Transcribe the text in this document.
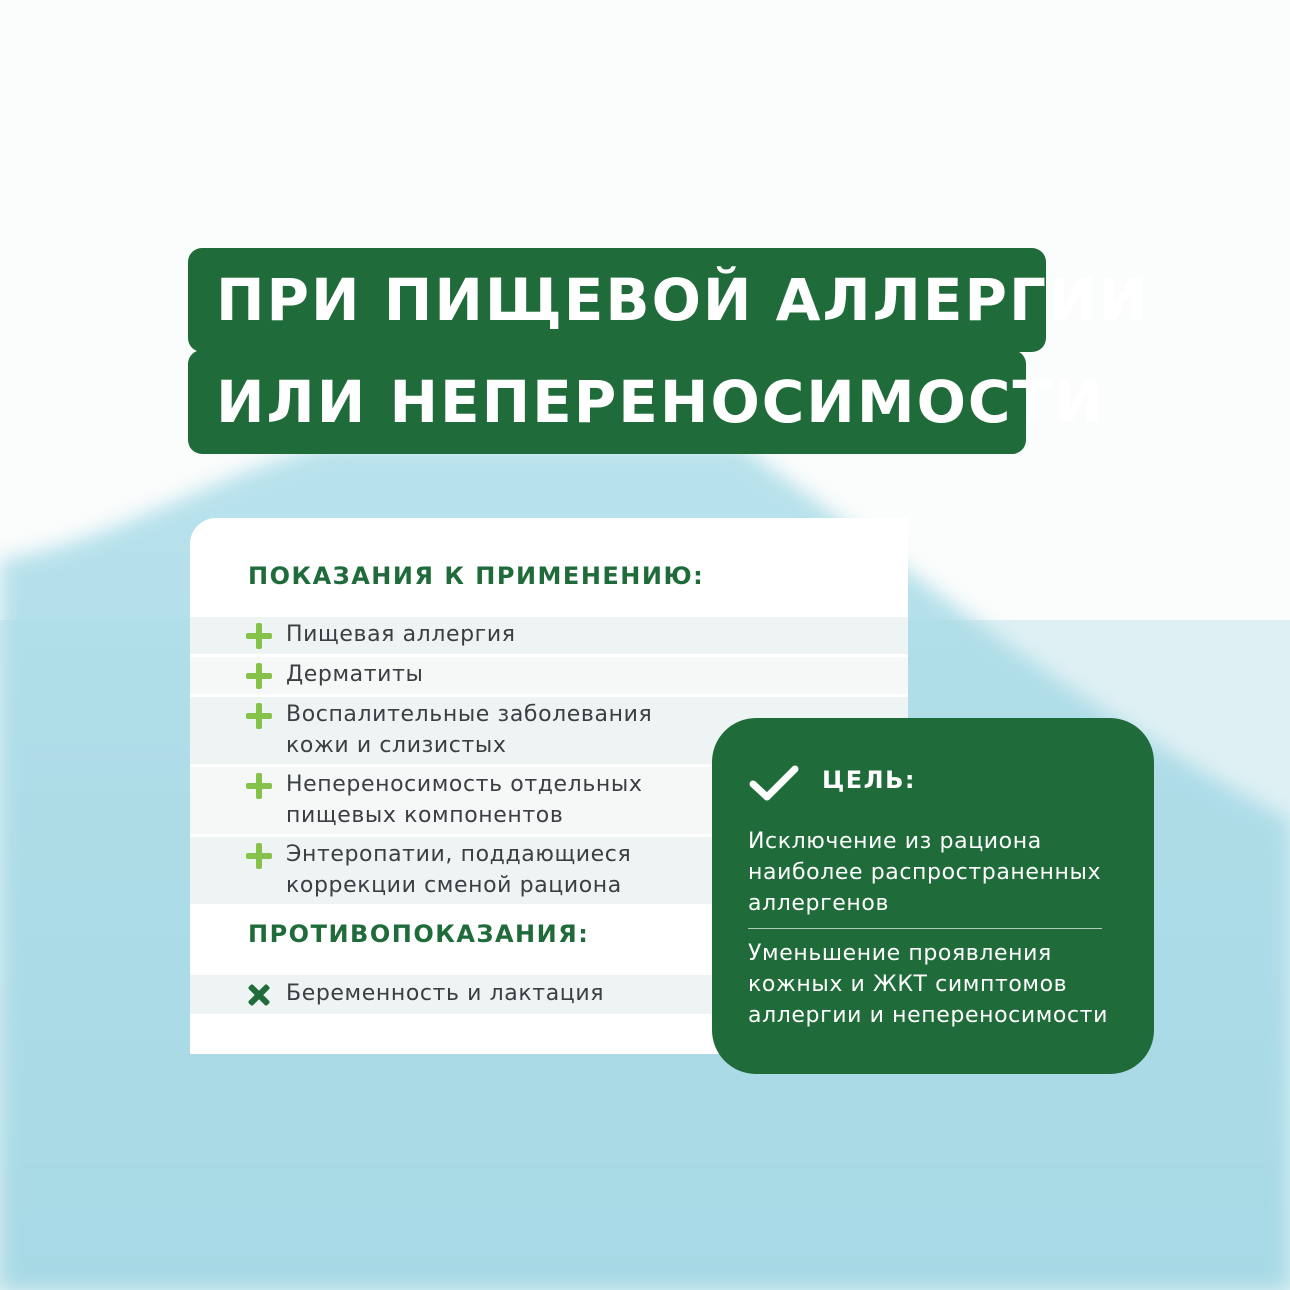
ПРИ ПИЩЕВОЙ АЛЛЕРГИИ
ИЛИ НЕПЕРЕНОСИМОСТИ
ПОКАЗАНИЯ К ПРИМЕНЕНИЮ:
Пищевая аллергия
Дерматиты
Воспалительные заболевания
кожи и слизистых
Непереносимость отдельных
пищевых компонентов
Энтеропатии, поддающиеся
коррекции сменой рациона
ПРОТИВОПОКАЗАНИЯ:
Беременность и лактация
ЦЕЛЬ:
Исключение из рациона
наиболее распространенных
аллергенов
Уменьшение проявления
кожных и ЖКТ симптомов
аллергии и непереносимости
